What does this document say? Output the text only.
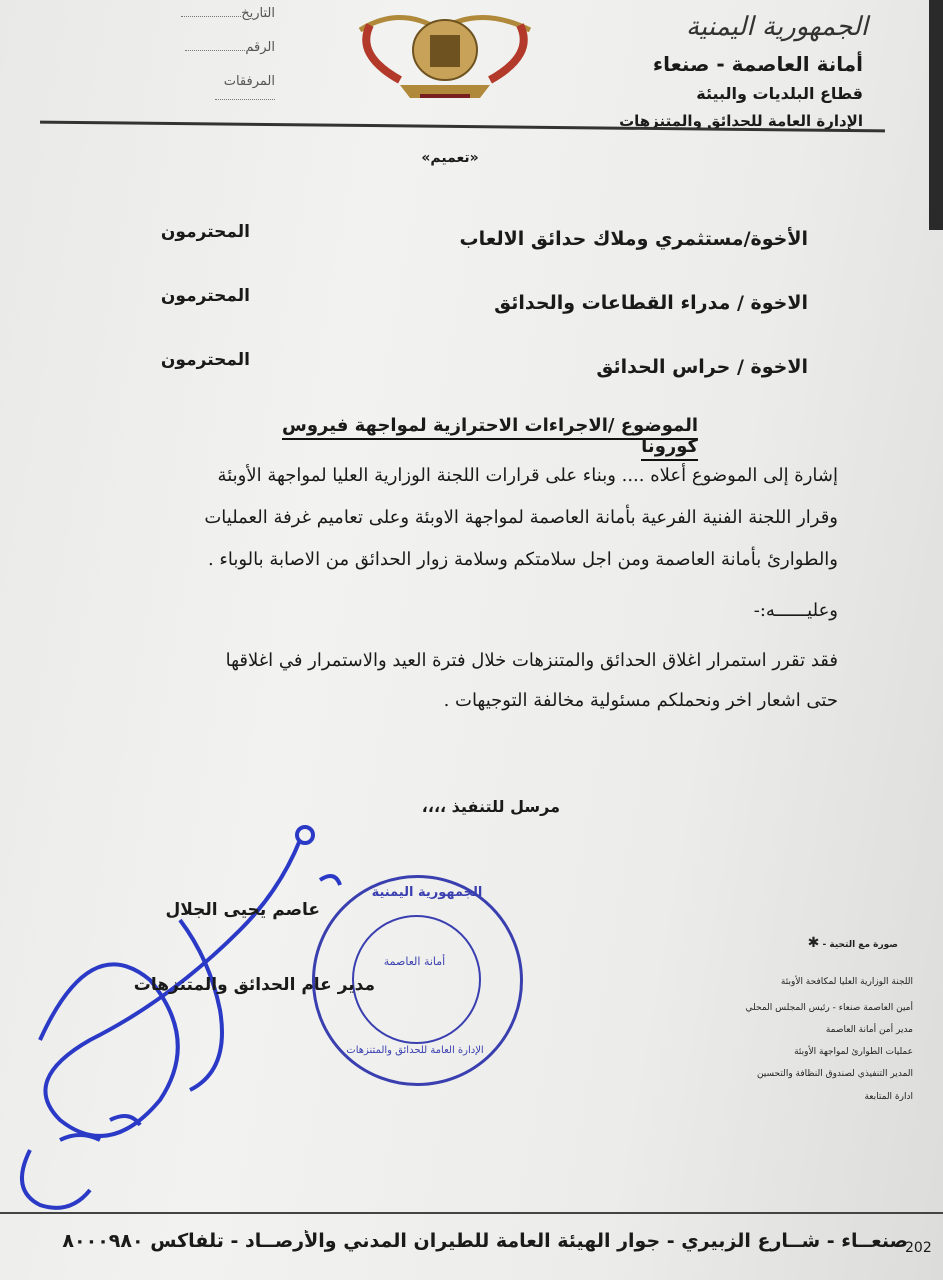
التاريخ
الرقم
المرفقات
الجمهورية اليمنية
أمانة العاصمة - صنعاء
قطاع البلديات والبيئة
الإدارة العامة للحدائق والمتنزهات
«تعميم»
الأخوة/مستثمري وملاك حدائق الالعاب
المحترمون
الاخوة / مدراء القطاعات والحدائق
المحترمون
الاخوة / حراس الحدائق
المحترمون
الموضوع /الاجراءات الاحترازية لمواجهة فيروس كورونا
إشارة إلى الموضوع أعلاه .... وبناء على قرارات اللجنة الوزارية العليا لمواجهة الأوبئة
وقرار اللجنة الفنية الفرعية بأمانة العاصمة لمواجهة الاوبئة وعلى تعاميم غرفة العمليات
والطوارئ بأمانة العاصمة ومن اجل سلامتكم وسلامة زوار الحدائق من الاصابة بالوباء .
وعليــــــه:-
فقد تقرر استمرار اغلاق الحدائق والمتنزهات خلال فترة العيد والاستمرار في اغلاقها
حتى اشعار اخر ونحملكم مسئولية مخالفة التوجيهات .
مرسل للتنفيذ ،،،،
الجمهورية اليمنية
أمانة العاصمة
الإدارة العامة للحدائق والمتنزهات
عاصم يحيى الجلال
مدير عام الحدائق والمتنزهات
صورة مع التحية - ✱
اللجنة الوزارية العليا لمكافحة الأوبئة
أمين العاصمة صنعاء - رئيس المجلس المحلي
مدير أمن أمانة العاصمة
عمليات الطوارئ لمواجهة الأوبئة
المدير التنفيذي لصندوق النظافة والتحسين
ادارة المتابعة
صنعــاء - شــارع الزبيري - جوار الهيئة العامة للطيران المدني والأرصــاد - تلفاكس ٨٠٠٠٩٨٠
202
